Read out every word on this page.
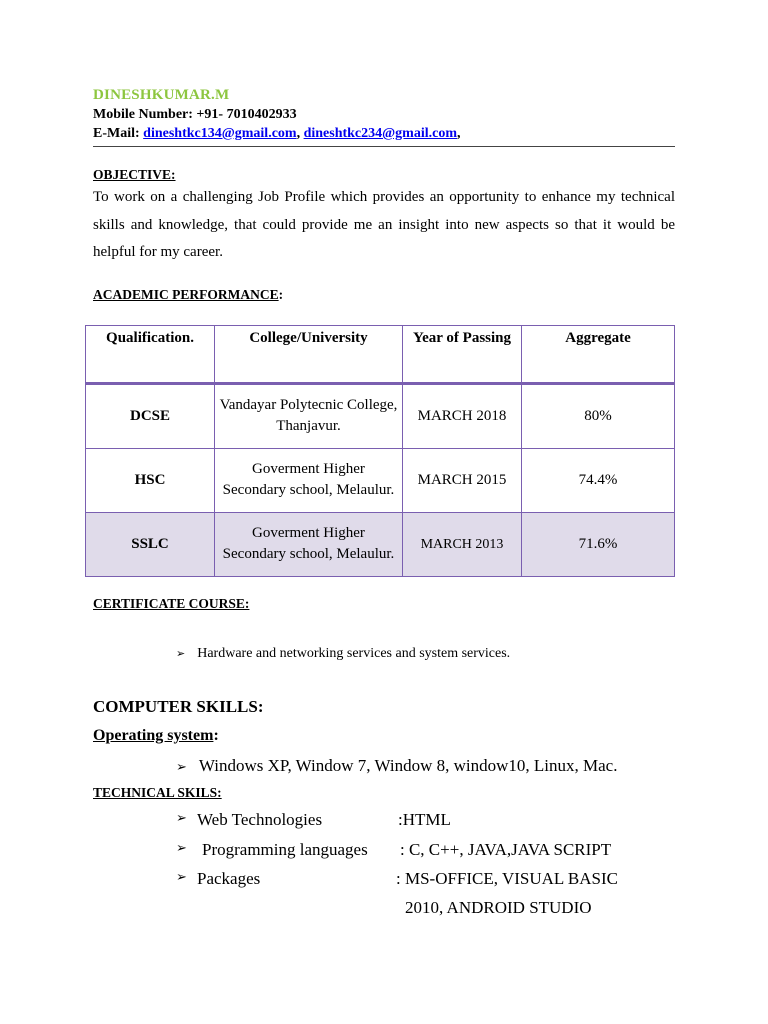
DINESHKUMAR.M
Mobile Number: +91- 7010402933
E-Mail: dineshtkc134@gmail.com, dineshtkc234@gmail.com,
OBJECTIVE:
To work on a challenging Job Profile which provides an opportunity to enhance my technical skills and knowledge, that could provide me an insight into new aspects so that it would be helpful for my career.
ACADEMIC PERFORMANCE:
Qualification.	College/University	Year of Passing	Aggregate
DCSE	Vandayar Polytecnic College, Thanjavur.	MARCH 2018	80%
HSC	Goverment Higher Secondary school, Melaulur.	MARCH 2015	74.4%
SSLC	Goverment Higher Secondary school, Melaulur.	MARCH 2013	71.6%
CERTIFICATE COURSE:
➢ Hardware and networking services and system services.
COMPUTER SKILLS:
Operating system:
➢ Windows XP, Window 7, Window 8, window10, Linux, Mac.
TECHNICAL SKILS:
➢ Web Technologies	:HTML
➢ Programming languages : C, C++, JAVA,JAVA SCRIPT
➢ Packages	: MS-OFFICE, VISUAL BASIC
2010, ANDROID STUDIO
